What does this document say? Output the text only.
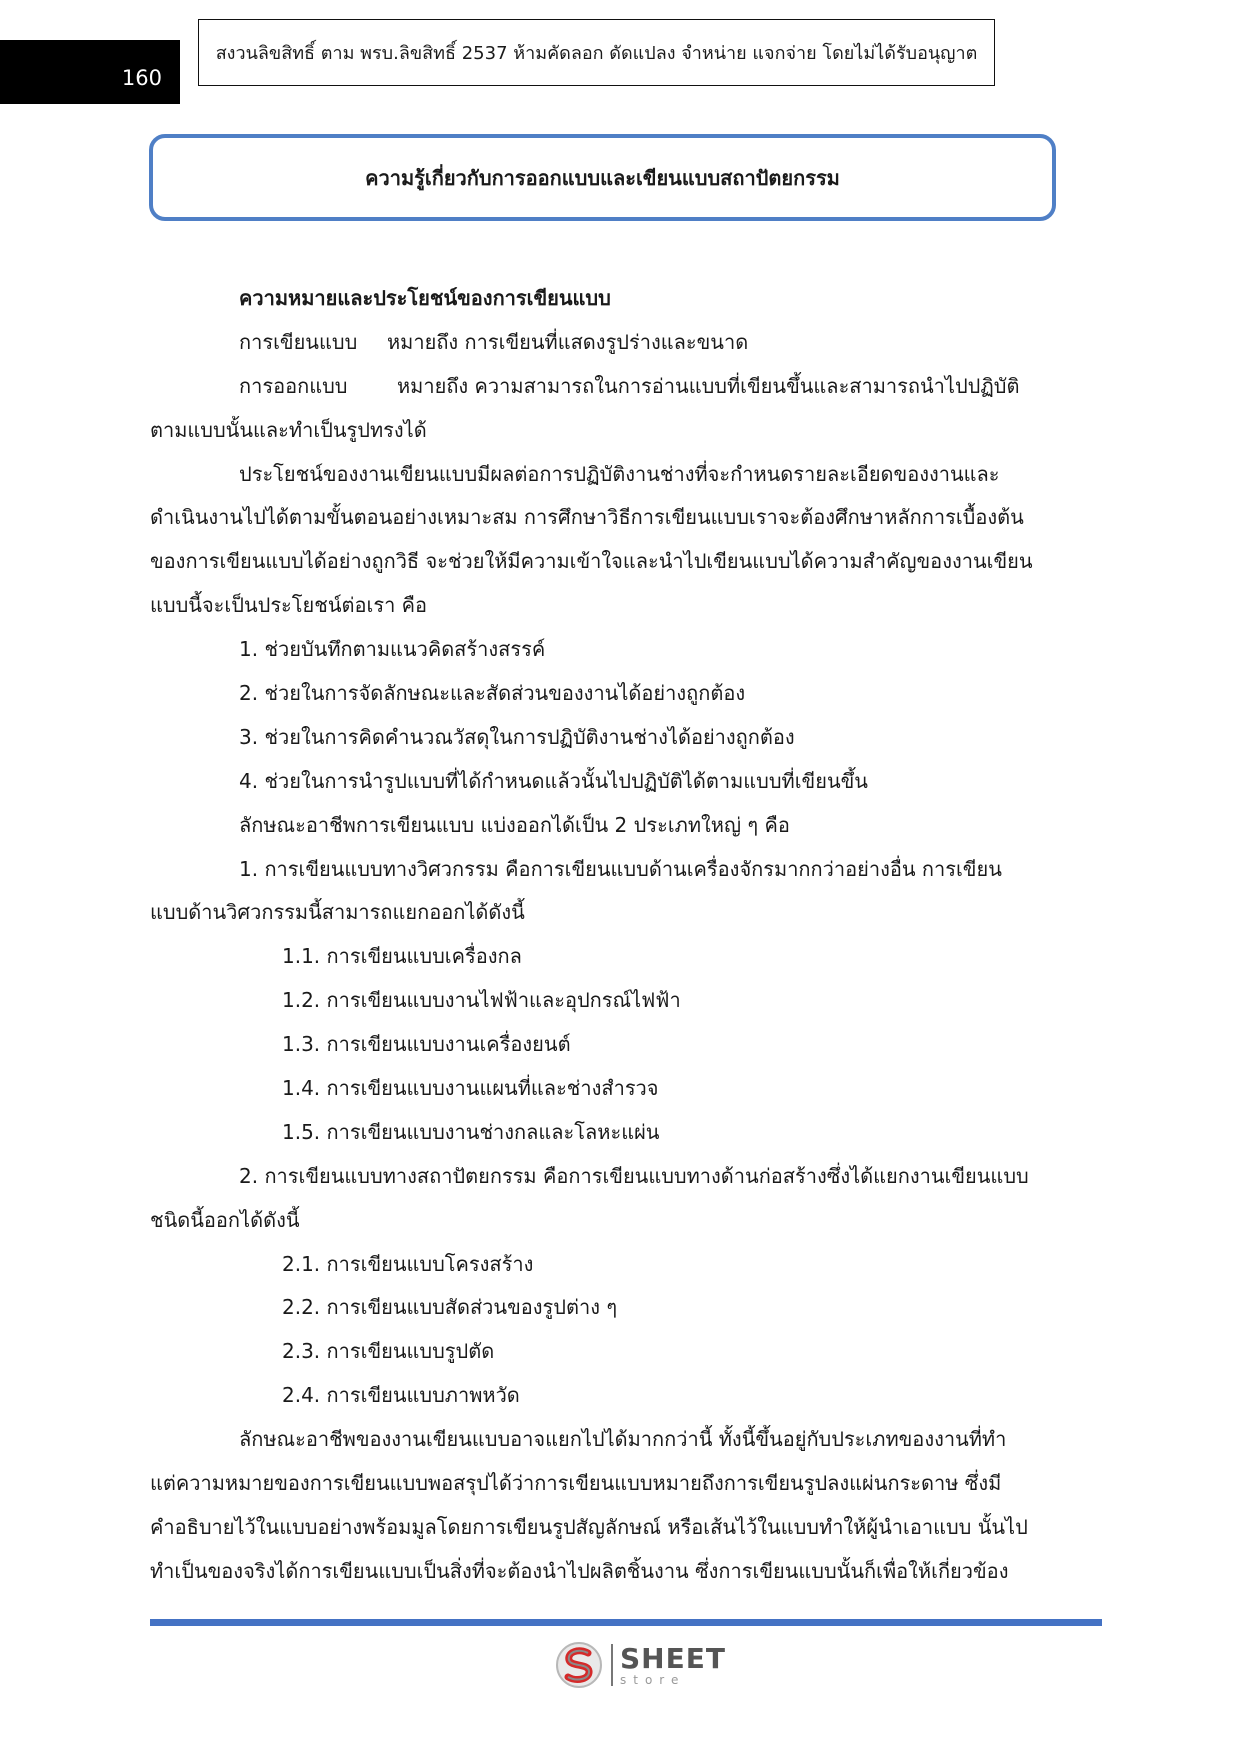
160
สงวนลิขสิทธิ์ ตาม พรบ.ลิขสิทธิ์ 2537 ห้ามคัดลอก ดัดแปลง จำหน่าย แจกจ่าย โดยไม่ได้รับอนุญาต
ความรู้เกี่ยวกับการออกแบบและเขียนแบบสถาปัตยกรรม
ความหมายและประโยชน์ของการเขียนแบบ
การเขียนแบบ หมายถึง การเขียนที่แสดงรูปร่างและขนาด
การออกแบบ หมายถึง ความสามารถในการอ่านแบบที่เขียนขึ้นและสามารถนำไปปฏิบัติ
ตามแบบนั้นและทำเป็นรูปทรงได้
ประโยชน์ของงานเขียนแบบมีผลต่อการปฏิบัติงานช่างที่จะกำหนดรายละเอียดของงานและ
ดำเนินงานไปได้ตามขั้นตอนอย่างเหมาะสม การศึกษาวิธีการเขียนแบบเราจะต้องศึกษาหลักการเบื้องต้น
ของการเขียนแบบได้อย่างถูกวิธี จะช่วยให้มีความเข้าใจและนำไปเขียนแบบได้ความสำคัญของงานเขียน
แบบนี้จะเป็นประโยชน์ต่อเรา คือ
1. ช่วยบันทึกตามแนวคิดสร้างสรรค์
2. ช่วยในการจัดลักษณะและสัดส่วนของงานได้อย่างถูกต้อง
3. ช่วยในการคิดคำนวณวัสดุในการปฏิบัติงานช่างได้อย่างถูกต้อง
4. ช่วยในการนำรูปแบบที่ได้กำหนดแล้วนั้นไปปฏิบัติได้ตามแบบที่เขียนขึ้น
ลักษณะอาชีพการเขียนแบบ แบ่งออกได้เป็น 2 ประเภทใหญ่ ๆ คือ
1. การเขียนแบบทางวิศวกรรม คือการเขียนแบบด้านเครื่องจักรมากกว่าอย่างอื่น การเขียน
แบบด้านวิศวกรรมนี้สามารถแยกออกได้ดังนี้
1.1. การเขียนแบบเครื่องกล
1.2. การเขียนแบบงานไฟฟ้าและอุปกรณ์ไฟฟ้า
1.3. การเขียนแบบงานเครื่องยนต์
1.4. การเขียนแบบงานแผนที่และช่างสำรวจ
1.5. การเขียนแบบงานช่างกลและโลหะแผ่น
2. การเขียนแบบทางสถาปัตยกรรม คือการเขียนแบบทางด้านก่อสร้างซึ่งได้แยกงานเขียนแบบ
ชนิดนี้ออกได้ดังนี้
2.1. การเขียนแบบโครงสร้าง
2.2. การเขียนแบบสัดส่วนของรูปต่าง ๆ
2.3. การเขียนแบบรูปตัด
2.4. การเขียนแบบภาพหวัด
ลักษณะอาชีพของงานเขียนแบบอาจแยกไปได้มากกว่านี้ ทั้งนี้ขึ้นอยู่กับประเภทของงานที่ทำ
แต่ความหมายของการเขียนแบบพอสรุปได้ว่าการเขียนแบบหมายถึงการเขียนรูปลงแผ่นกระดาษ ซึ่งมี
คำอธิบายไว้ในแบบอย่างพร้อมมูลโดยการเขียนรูปสัญลักษณ์ หรือเส้นไว้ในแบบทำให้ผู้นำเอาแบบ นั้นไป
ทำเป็นของจริงได้การเขียนแบบเป็นสิ่งที่จะต้องนำไปผลิตชิ้นงาน ซึ่งการเขียนแบบนั้นก็เพื่อให้เกี่ยวข้อง
SHEET
store
